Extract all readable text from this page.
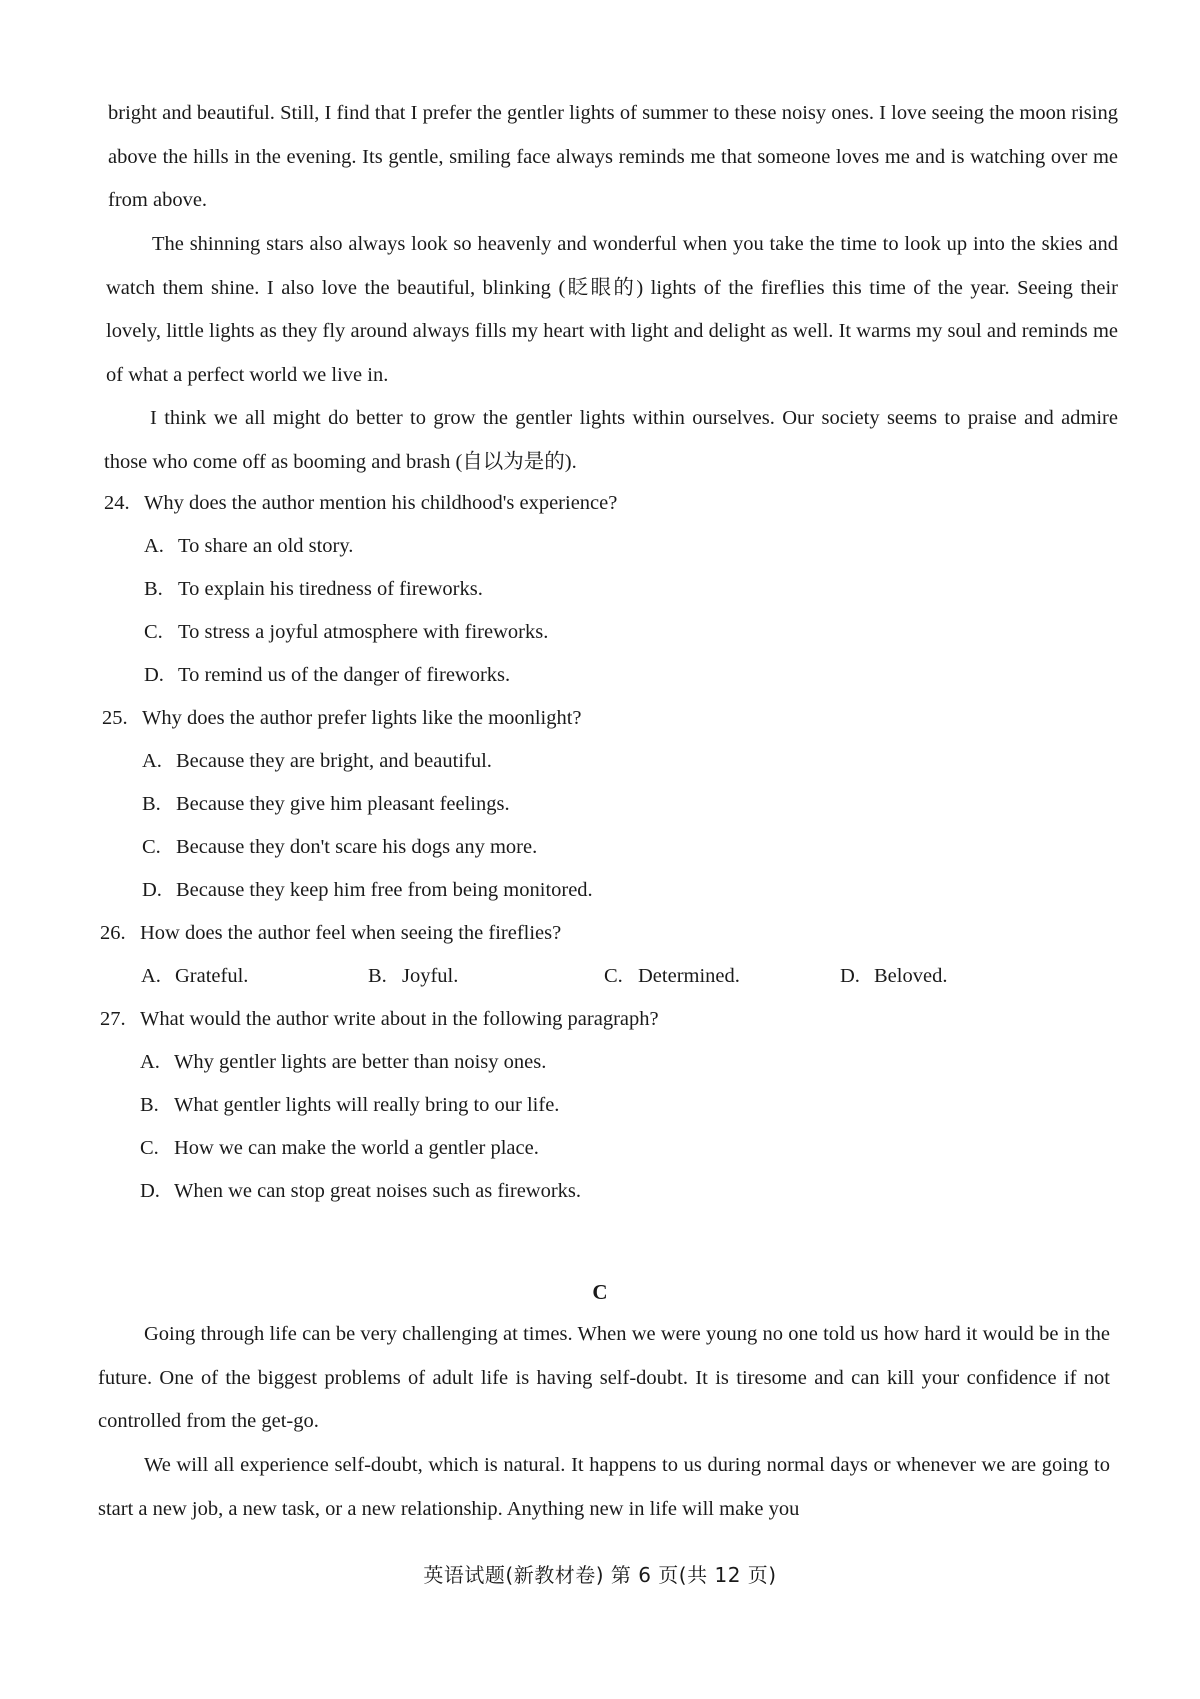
bright and beautiful. Still, I find that I prefer the gentler lights of summer to these noisy ones. I love seeing the moon rising above the hills in the evening. Its gentle, smiling face always reminds me that someone loves me and is watching over me from above.

The shinning stars also always look so heavenly and wonderful when you take the time to look up into the skies and watch them shine. I also love the beautiful, blinking (眨眼的) lights of the fireflies this time of the year. Seeing their lovely, little lights as they fly around always fills my heart with light and delight as well. It warms my soul and reminds me of what a perfect world we live in.

I think we all might do better to grow the gentler lights within ourselves. Our society seems to praise and admire those who come off as booming and brash (自以为是的).

24. Why does the author mention his childhood's experience?
A. To share an old story.
B. To explain his tiredness of fireworks.
C. To stress a joyful atmosphere with fireworks.
D. To remind us of the danger of fireworks.
25. Why does the author prefer lights like the moonlight?
A. Because they are bright, and beautiful.
B. Because they give him pleasant feelings.
C. Because they don't scare his dogs any more.
D. Because they keep him free from being monitored.
26. How does the author feel when seeing the fireflies?
A. Grateful.	B. Joyful.	C. Determined.	D. Beloved.
27. What would the author write about in the following paragraph?
A. Why gentler lights are better than noisy ones.
B. What gentler lights will really bring to our life.
C. How we can make the world a gentler place.
D. When we can stop great noises such as fireworks.
C

Going through life can be very challenging at times. When we were young no one told us how hard it would be in the future. One of the biggest problems of adult life is having self-doubt. It is tiresome and can kill your confidence if not controlled from the get-go.

We will all experience self-doubt, which is natural. It happens to us during normal days or whenever we are going to start a new job, a new task, or a new relationship. Anything new in life will make you

英语试题(新教材卷) 第 6 页(共 12 页)
